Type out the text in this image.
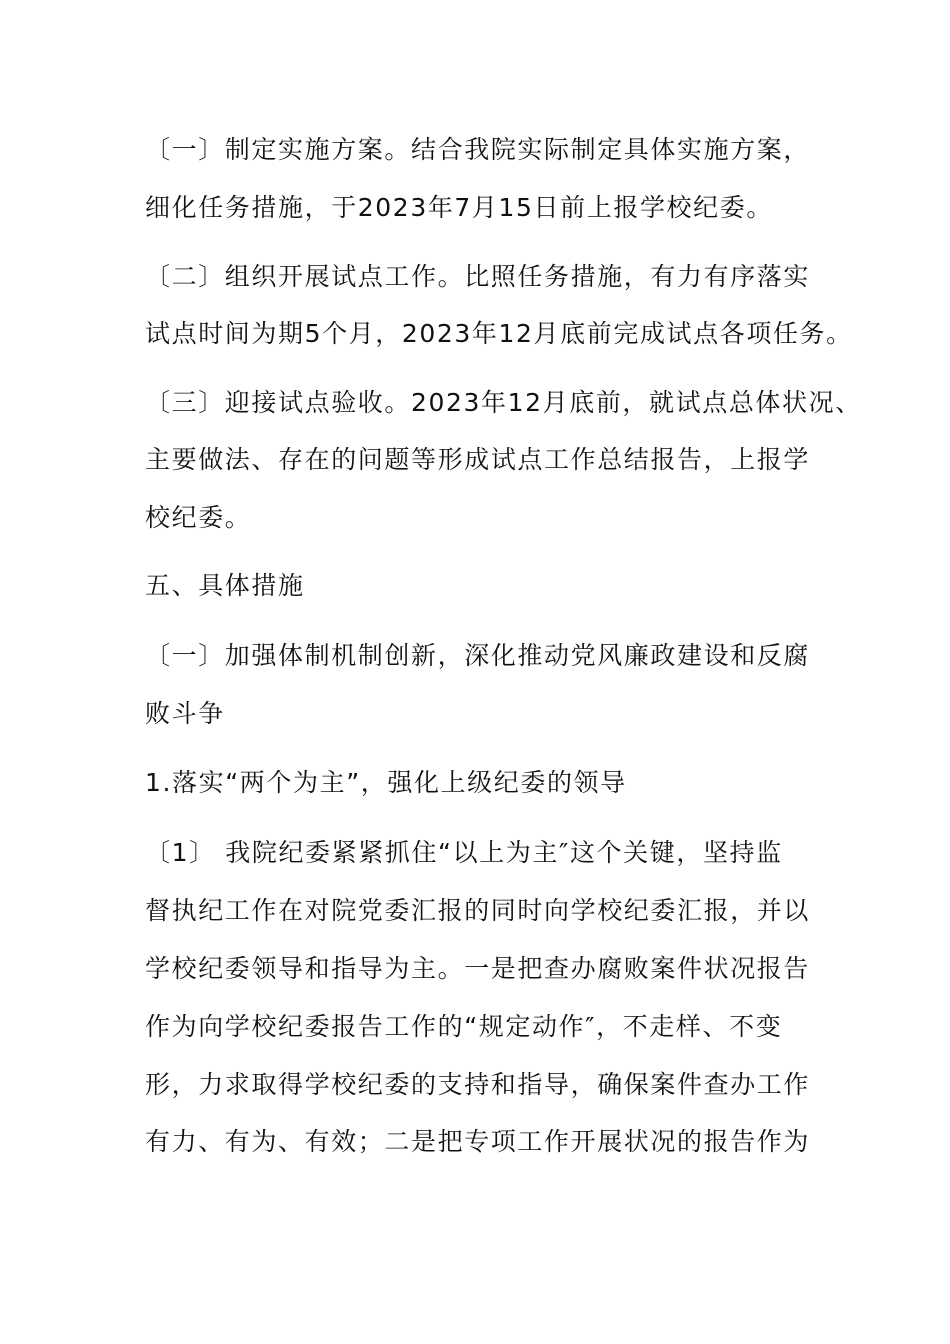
〔一〕制定实施方案。结合我院实际制定具体实施方案，
细化任务措施，于2023年7月15日前上报学校纪委。
〔二〕组织开展试点工作。比照任务措施，有力有序落实
试点时间为期5个月，2023年12月底前完成试点各项任务。
〔三〕迎接试点验收。2023年12月底前，就试点总体状况、
主要做法、存在的问题等形成试点工作总结报告，上报学
校纪委。
五、具体措施
〔一〕加强体制机制创新，深化推动党风廉政建设和反腐
败斗争
1.落实“两个为主”，强化上级纪委的领导
〔1〕 我院纪委紧紧抓住“以上为主″这个关键，坚持监
督执纪工作在对院党委汇报的同时向学校纪委汇报，并以
学校纪委领导和指导为主。一是把查办腐败案件状况报告
作为向学校纪委报告工作的“规定动作″，不走样、不变
形，力求取得学校纪委的支持和指导，确保案件查办工作
有力、有为、有效；二是把专项工作开展状况的报告作为
